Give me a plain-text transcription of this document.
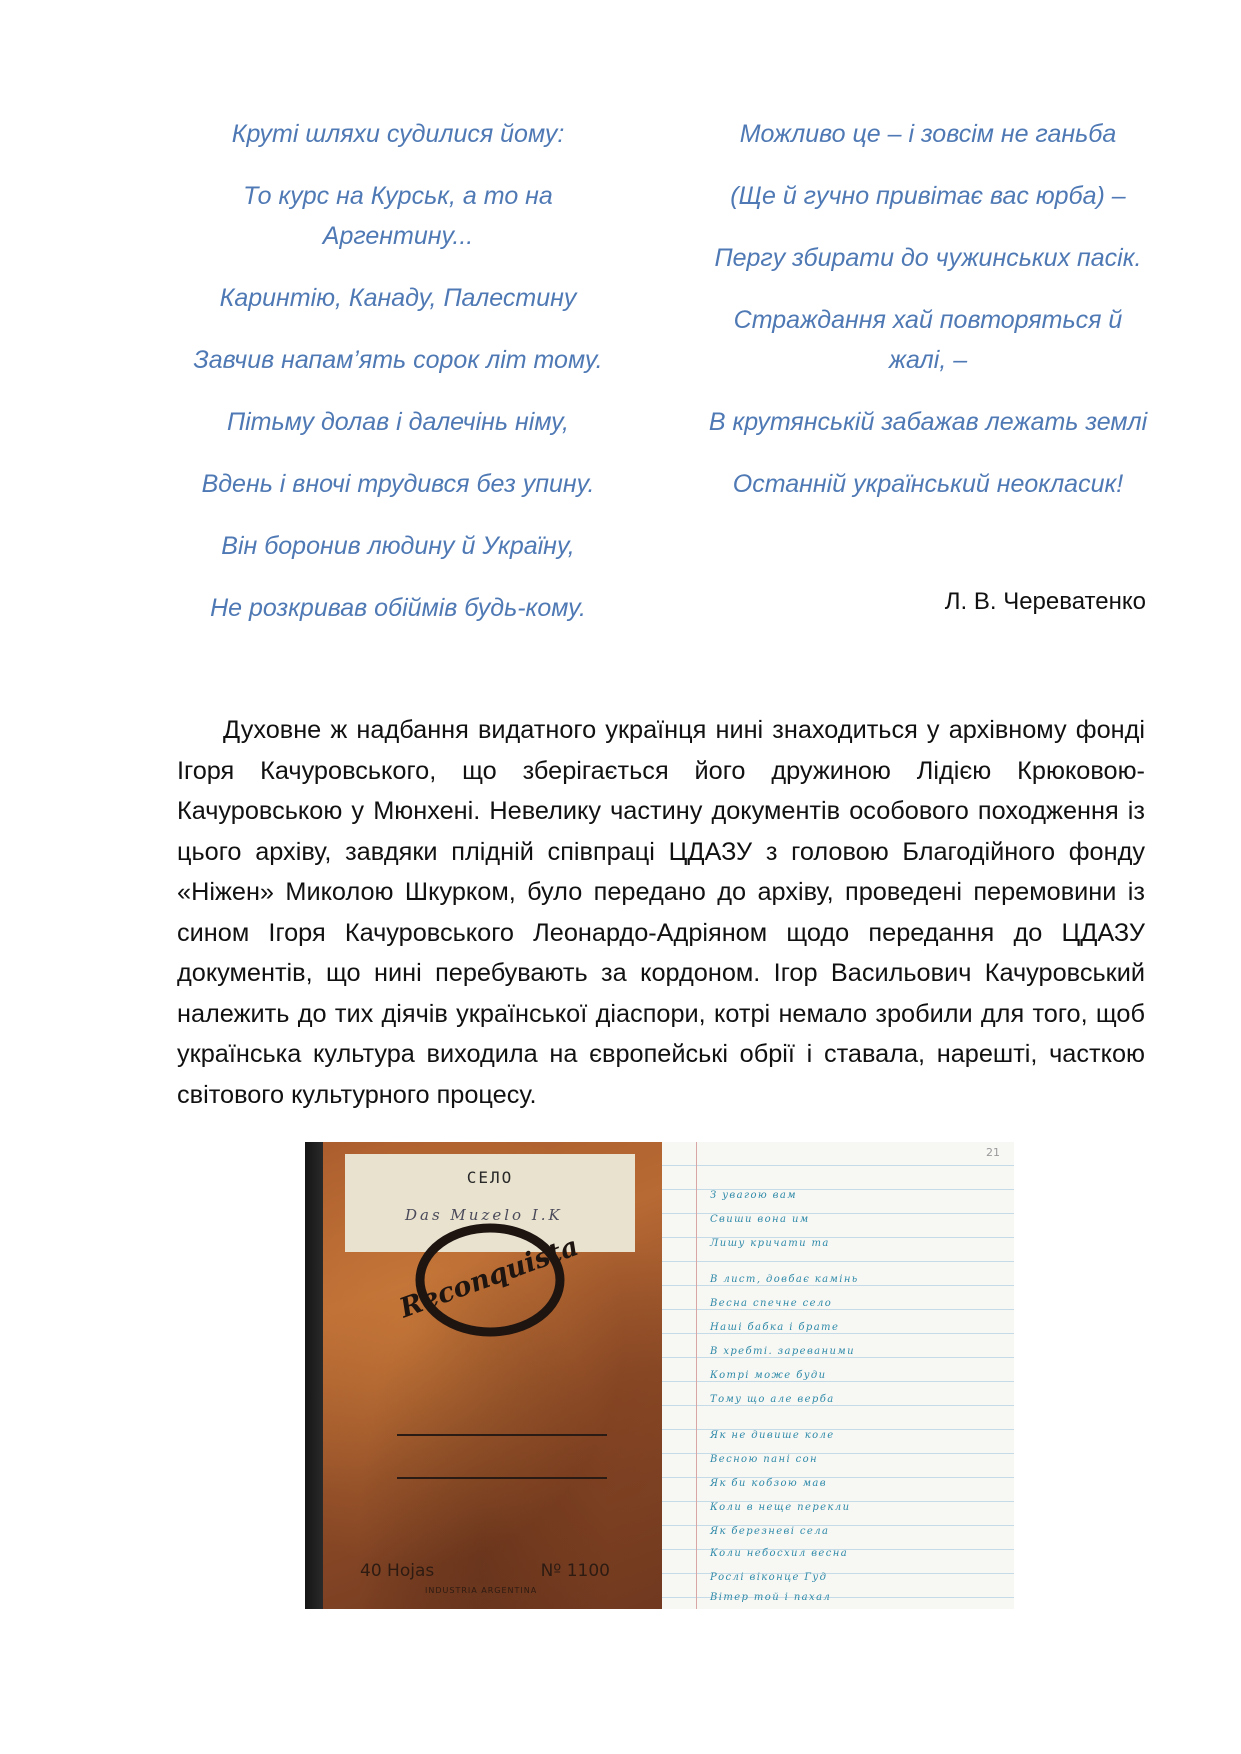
Круті шляхи судилися йому:
То курс на Курськ, а то на Аргентину...
Каринтію, Канаду, Палестину
Завчив напам’ять сорок літ тому.
Пітьму долав і далечінь німу,
Вдень і вночі трудився без упину.
Він боронив людину й Україну,
Не розкривав обіймів будь-кому.
Можливо це – і зовсім не ганьба
(Ще й гучно привітає вас юрба) –
Пергу збирати до чужинських пасік.
Страждання хай повторяться й жалі, –
В крутянській забажав лежать землі
Останній український неокласик!
Л. В. Череватенко
Духовне ж надбання видатного українця нині знаходиться у архівному фонді Ігоря Качуровського, що зберігається його дружиною Лідією Крюковою-Качуровською у Мюнхені. Невелику частину документів особового походження із цього архіву, завдяки плідній співпраці ЦДАЗУ з головою Благодійного фонду «Ніжен» Миколою Шкурком, було передано до архіву, проведені перемовини із сином Ігоря Качуровського Леонардо-Адріяном щодо передання до ЦДАЗУ документів, що нині перебувають за кордоном. Ігор Васильович Качуровський належить до тих діячів української діаспори, котрі немало зробили для того, щоб українська культура виходила на європейські обрії і ставала, нарешті, часткою світового культурного процесу.
СЕЛО
Das Muzelo I.K
Reconquista
40 Hojas	Nº 1100
INDUSTRIA ARGENTINA
21
З увагою вам
Свиши вона им
Лишу кричати та
В лист, довбає камінь
Весна спечне село
Наші бабка і брате
В хребті. зареваними
Котрі може буди
Тому що але верба
Як не дивише коле
Весною пані сон
Як би кобзою мав
Коли в неще перекли
Як березневі села
Коли небосхил весна
Рослі віконце Гуд
Вітер той і пахал
